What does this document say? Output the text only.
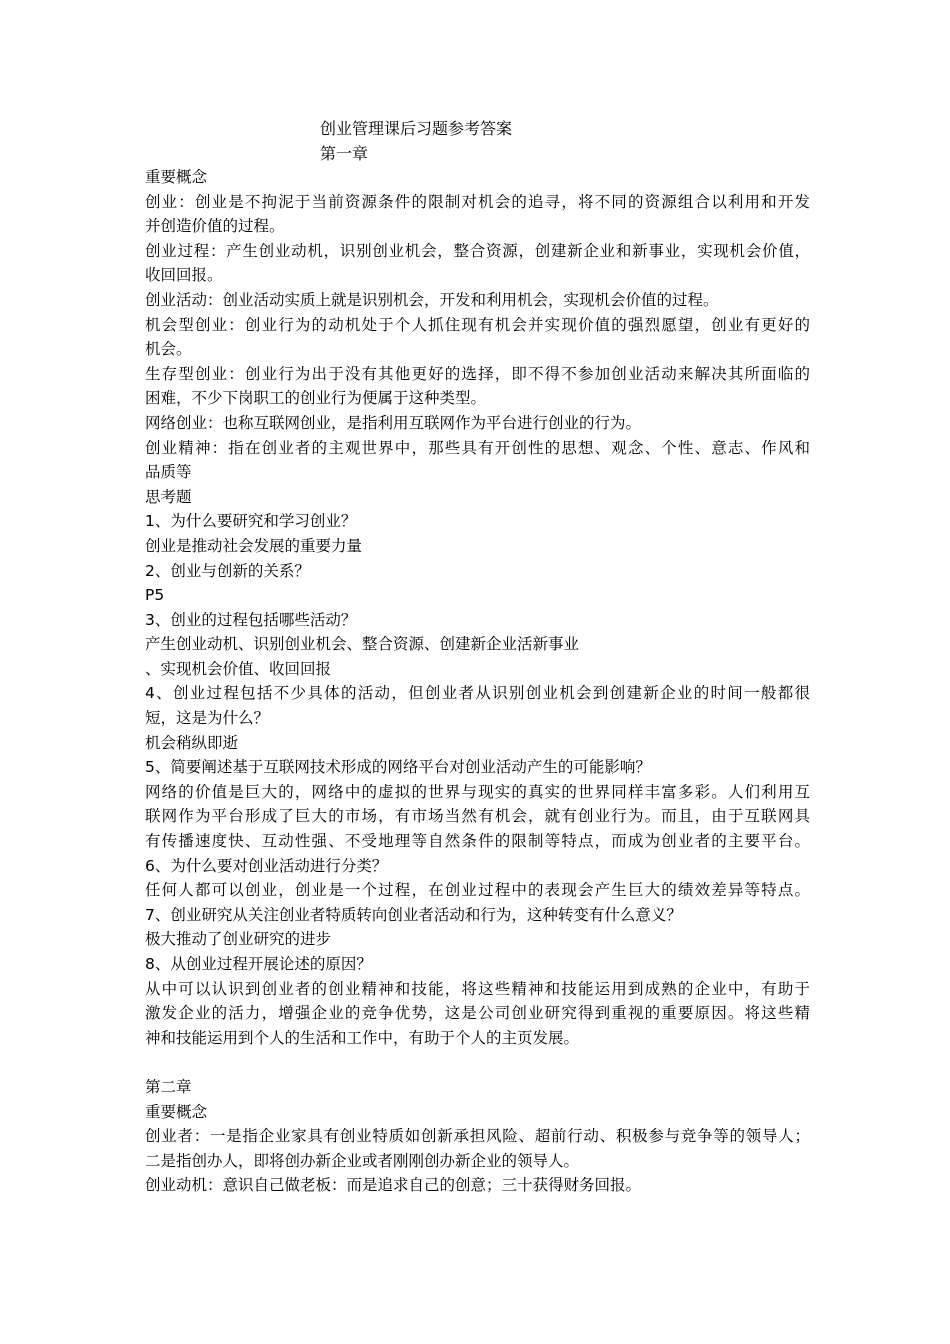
创业管理课后习题参考答案
第一章
重要概念
创业：创业是不拘泥于当前资源条件的限制对机会的追寻，将不同的资源组合以利用和开发
并创造价值的过程。
创业过程：产生创业动机，识别创业机会，整合资源，创建新企业和新事业，实现机会价值，
收回回报。
创业活动：创业活动实质上就是识别机会，开发和利用机会，实现机会价值的过程。
机会型创业：创业行为的动机处于个人抓住现有机会并实现价值的强烈愿望，创业有更好的
机会。
生存型创业：创业行为出于没有其他更好的选择，即不得不参加创业活动来解决其所面临的
困难，不少下岗职工的创业行为便属于这种类型。
网络创业：也称互联网创业，是指利用互联网作为平台进行创业的行为。
创业精神：指在创业者的主观世界中，那些具有开创性的思想、观念、个性、意志、作风和
品质等
思考题
1、为什么要研究和学习创业？
创业是推动社会发展的重要力量
2、创业与创新的关系？
P5
3、创业的过程包括哪些活动？
产生创业动机、识别创业机会、整合资源、创建新企业活新事业
、实现机会价值、收回回报
4、创业过程包括不少具体的活动，但创业者从识别创业机会到创建新企业的时间一般都很
短，这是为什么？
机会稍纵即逝
5、简要阐述基于互联网技术形成的网络平台对创业活动产生的可能影响？
网络的价值是巨大的，网络中的虚拟的世界与现实的真实的世界同样丰富多彩。人们利用互
联网作为平台形成了巨大的市场，有市场当然有机会，就有创业行为。而且，由于互联网具
有传播速度快、互动性强、不受地理等自然条件的限制等特点，而成为创业者的主要平台。
6、为什么要对创业活动进行分类？
任何人都可以创业，创业是一个过程，在创业过程中的表现会产生巨大的绩效差异等特点。
7、创业研究从关注创业者特质转向创业者活动和行为，这种转变有什么意义？
极大推动了创业研究的进步
8、从创业过程开展论述的原因？
从中可以认识到创业者的创业精神和技能，将这些精神和技能运用到成熟的企业中，有助于
激发企业的活力，增强企业的竞争优势，这是公司创业研究得到重视的重要原因。将这些精
神和技能运用到个人的生活和工作中，有助于个人的主页发展。
第二章
重要概念
创业者：一是指企业家具有创业特质如创新承担风险、超前行动、积极参与竞争等的领导人；
二是指创办人，即将创办新企业或者刚刚创办新企业的领导人。
创业动机：意识自己做老板：而是追求自己的创意；三十获得财务回报。
